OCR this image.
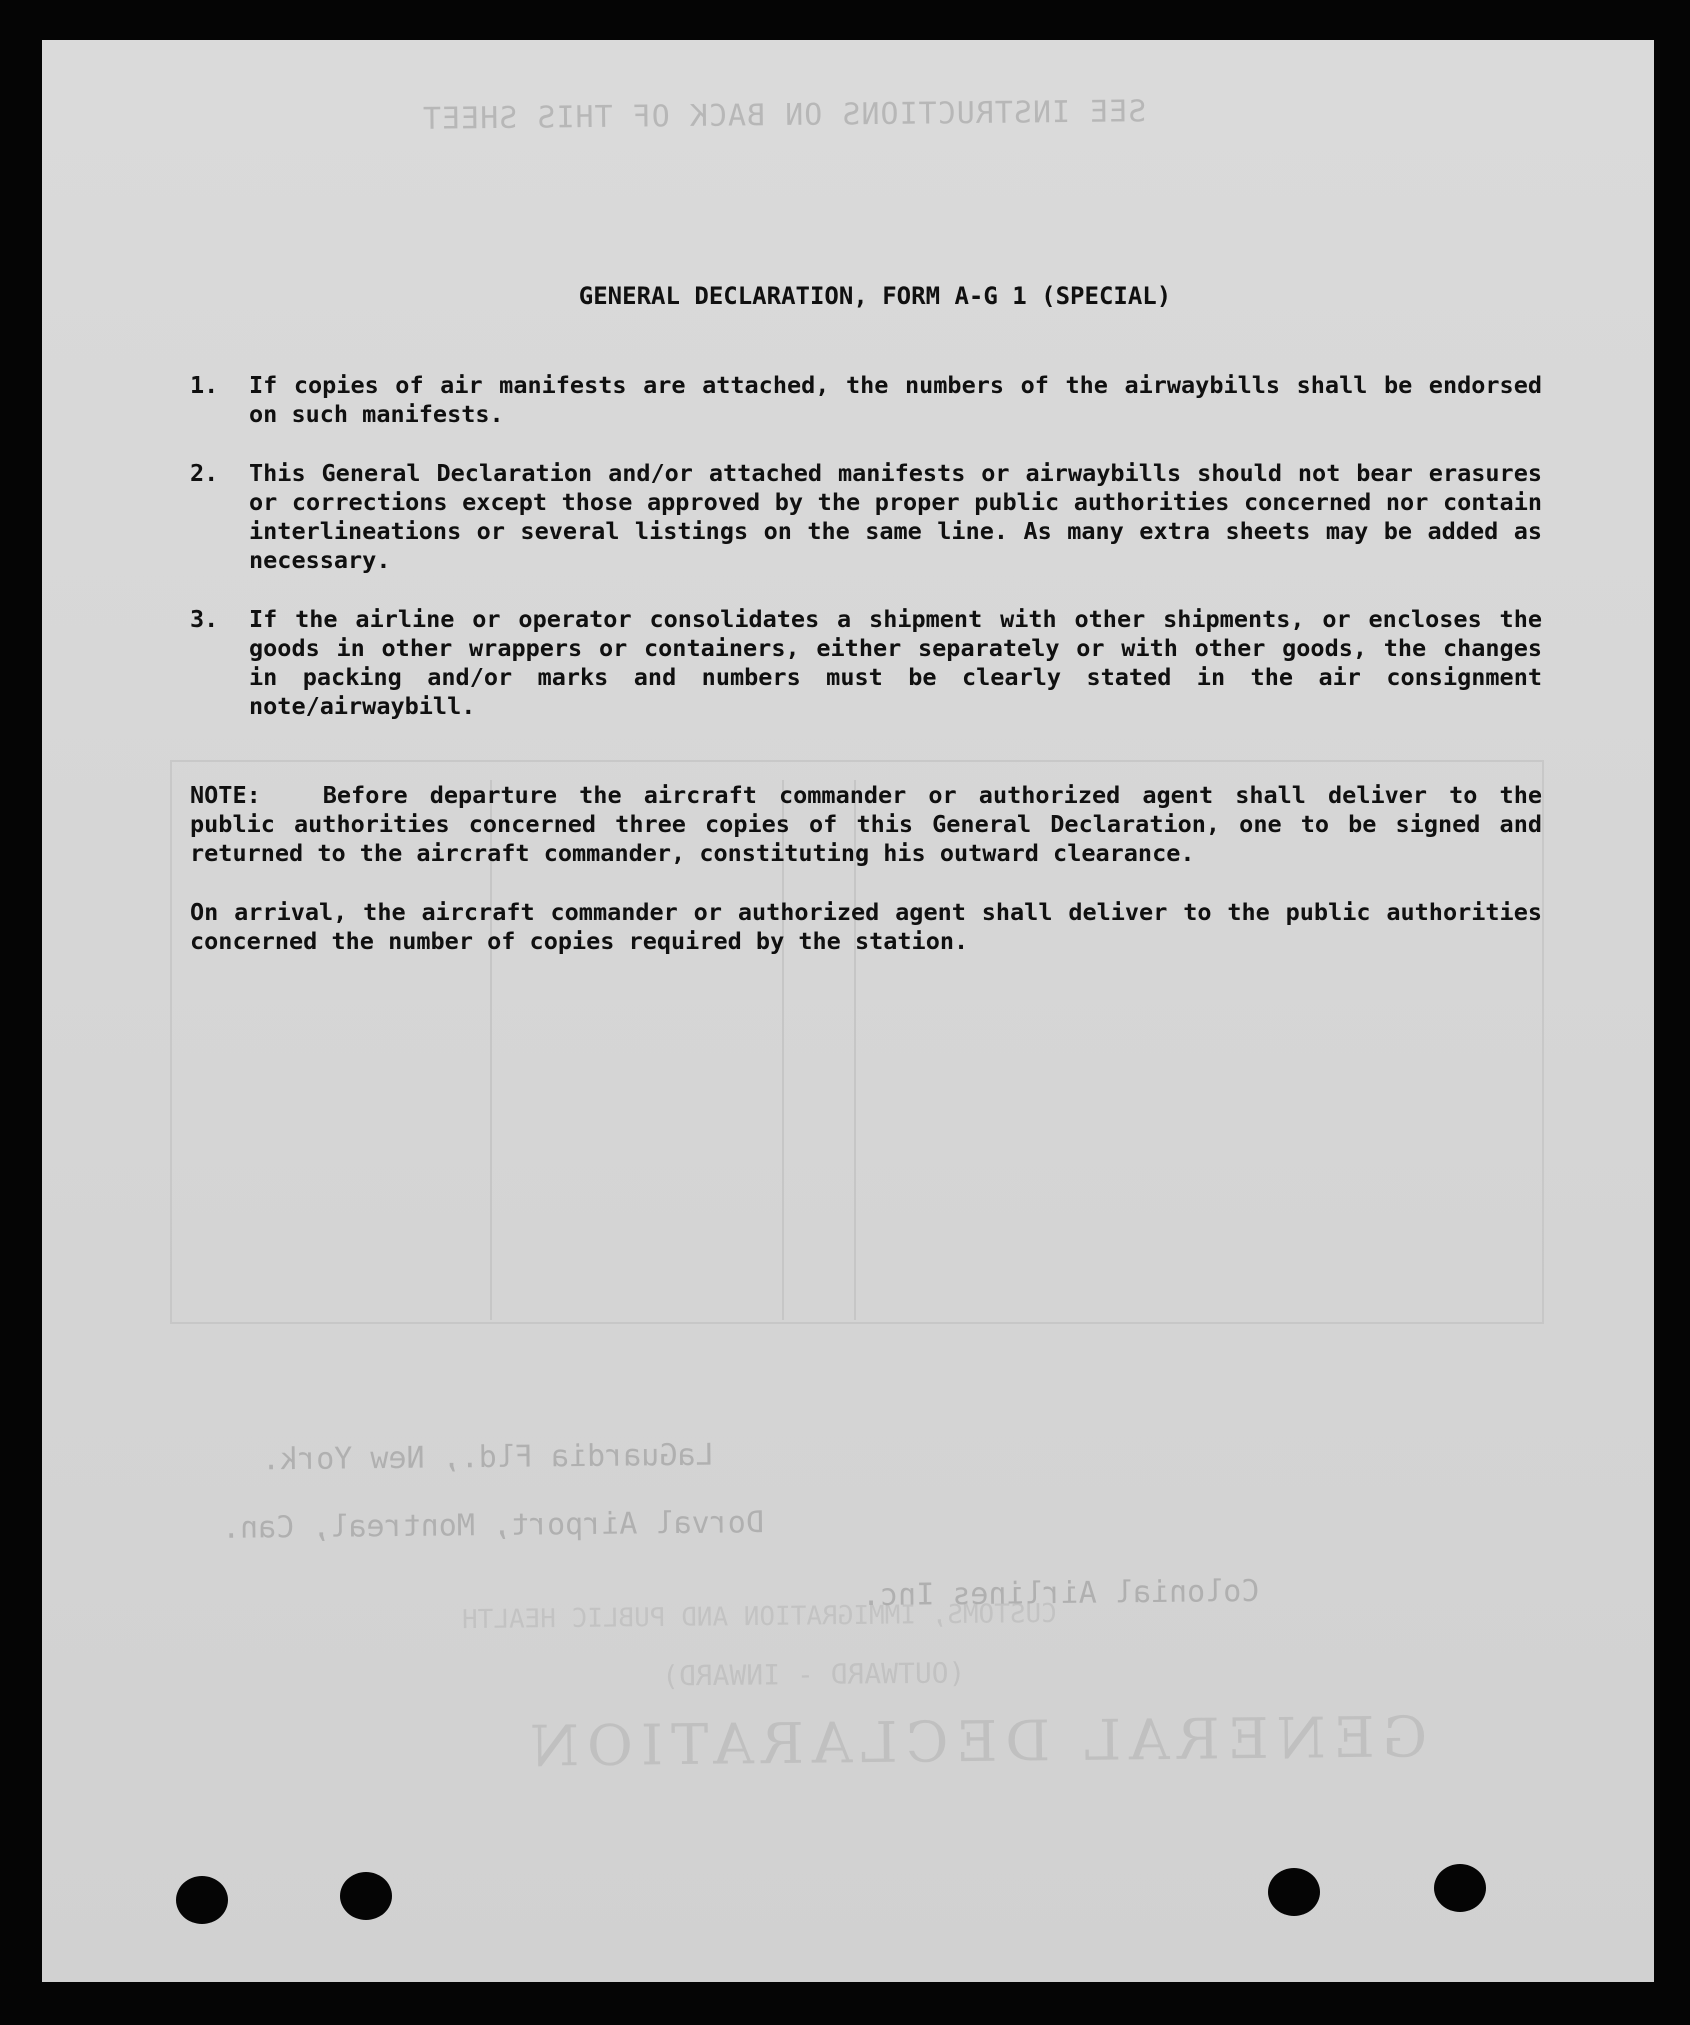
SEE INSTRUCTIONS ON BACK OF THIS SHEET
LaGuardia Fld., New York.
Dorval Airport, Montreal, Can.
Colonial Airlines Inc.
CUSTOMS, IMMIGRATION AND PUBLIC HEALTH
(OUTWARD - INWARD)
GENERAL DECLARATION
GENERAL DECLARATION, FORM A-G 1 (SPECIAL)
1.	If copies of air manifests are attached, the numbers of the airwaybills shall be endorsed on such manifests.
2.	This General Declaration and/or attached manifests or airwaybills should not bear erasures or corrections except those approved by the proper public authorities concerned nor contain interlineations or several listings on the same line. As many extra sheets may be added as necessary.
3.	If the airline or operator consolidates a shipment with other shipments, or encloses the goods in other wrappers or containers, either separately or with other goods, the changes in packing and/or marks and numbers must be clearly stated in the air consignment note/airwaybill.
NOTE:	Before departure the aircraft commander or authorized agent shall deliver to the public authorities concerned three copies of this General Declaration, one to be signed and returned to the aircraft commander, constituting his outward clearance.
On arrival, the aircraft commander or authorized agent shall deliver to the public authorities concerned the number of copies required by the station.
